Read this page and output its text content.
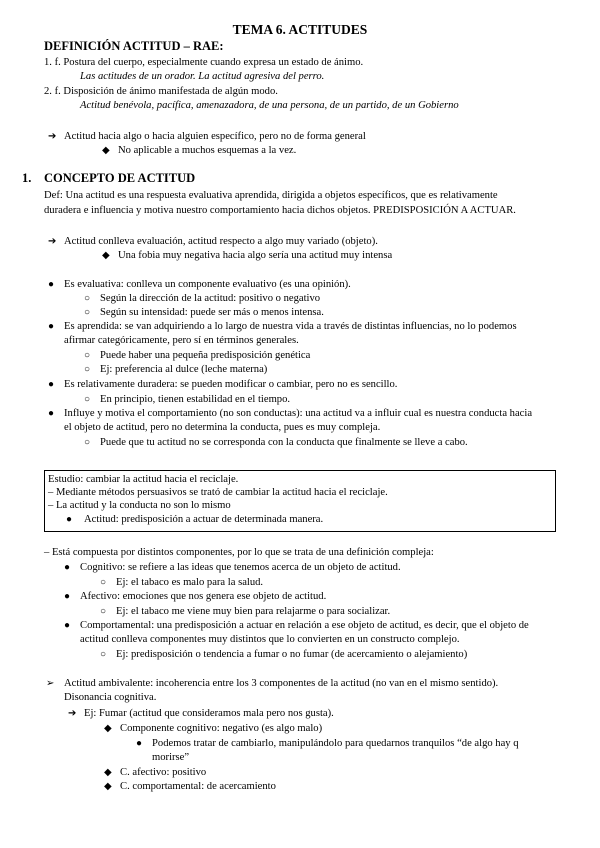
TEMA 6. ACTITUDES
DEFINICIÓN ACTITUD – RAE:
1. f. Postura del cuerpo, especialmente cuando expresa un estado de ánimo.
Las actitudes de un orador. La actitud agresiva del perro.
2. f. Disposición de ánimo manifestada de algún modo.
Actitud benévola, pacífica, amenazadora, de una persona, de un partido, de un Gobierno
➔ Actitud hacia algo o hacia alguien específico, pero no de forma general
◆ No aplicable a muchos esquemas a la vez.
1. CONCEPTO DE ACTITUD
Def: Una actitud es una respuesta evaluativa aprendida, dirigida a objetos específicos, que es relativamente
duradera e influencia y motiva nuestro comportamiento hacia dichos objetos. PREDISPOSICIÓN A ACTUAR.
➔ Actitud conlleva evaluación, actitud respecto a algo muy variado (objeto).
◆ Una fobia muy negativa hacia algo sería una actitud muy intensa
● Es evaluativa: conlleva un componente evaluativo (es una opinión).
○ Según la dirección de la actitud: positivo o negativo
○ Según su intensidad: puede ser más o menos intensa.
● Es aprendida: se van adquiriendo a lo largo de nuestra vida a través de distintas influencias, no lo podemos
afirmar categóricamente, pero sí en términos generales.
○ Puede haber una pequeña predisposición genética
○ Ej: preferencia al dulce (leche materna)
● Es relativamente duradera: se pueden modificar o cambiar, pero no es sencillo.
○ En principio, tienen estabilidad en el tiempo.
● Influye y motiva el comportamiento (no son conductas): una actitud va a influir cual es nuestra conducta hacia
el objeto de actitud, pero no determina la conducta, pues es muy compleja.
○ Puede que tu actitud no se corresponda con la conducta que finalmente se lleve a cabo.
Estudio: cambiar la actitud hacia el reciclaje.
– Mediante métodos persuasivos se trató de cambiar la actitud hacia el reciclaje.
– La actitud y la conducta no son lo mismo
● Actitud: predisposición a actuar de determinada manera.
– Está compuesta por distintos componentes, por lo que se trata de una definición compleja:
● Cognitivo: se refiere a las ideas que tenemos acerca de un objeto de actitud.
○ Ej: el tabaco es malo para la salud.
● Afectivo: emociones que nos genera ese objeto de actitud.
○ Ej: el tabaco me viene muy bien para relajarme o para socializar.
● Comportamental: una predisposición a actuar en relación a ese objeto de actitud, es decir, que el objeto de
actitud conlleva componentes muy distintos que lo convierten en un constructo complejo.
○ Ej: predisposición o tendencia a fumar o no fumar (de acercamiento o alejamiento)
➢ Actitud ambivalente: incoherencia entre los 3 componentes de la actitud (no van en el mismo sentido).
Disonancia cognitiva.
➔ Ej: Fumar (actitud que consideramos mala pero nos gusta).
◆ Componente cognitivo: negativo (es algo malo)
● Podemos tratar de cambiarlo, manipulándolo para quedarnos tranquilos “de algo hay q
morirse”
◆ C. afectivo: positivo
◆ C. comportamental: de acercamiento
